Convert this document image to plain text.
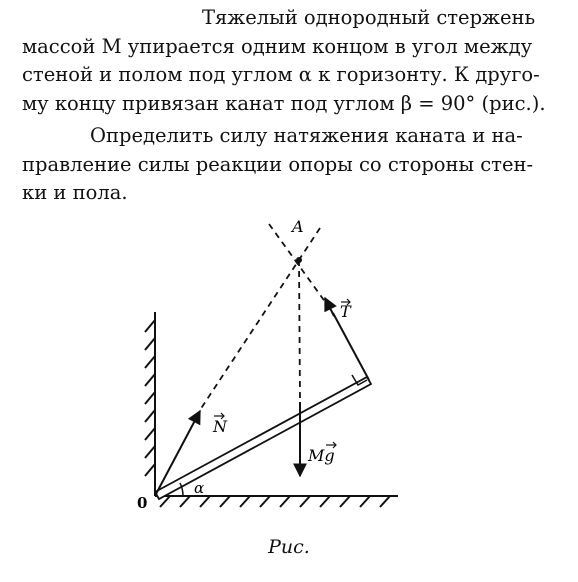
Тяжелый однородный стержень
массой M упирается одним концом в угол между
стеной и полом под углом α к горизонту. К друго-
му концу привязан канат под углом β = 90° (рис.).
Определить силу натяжения каната и на-
правление силы реакции опоры со стороны стен-
ки и пола.
A
T
N
Mg
0
α
Рис.
